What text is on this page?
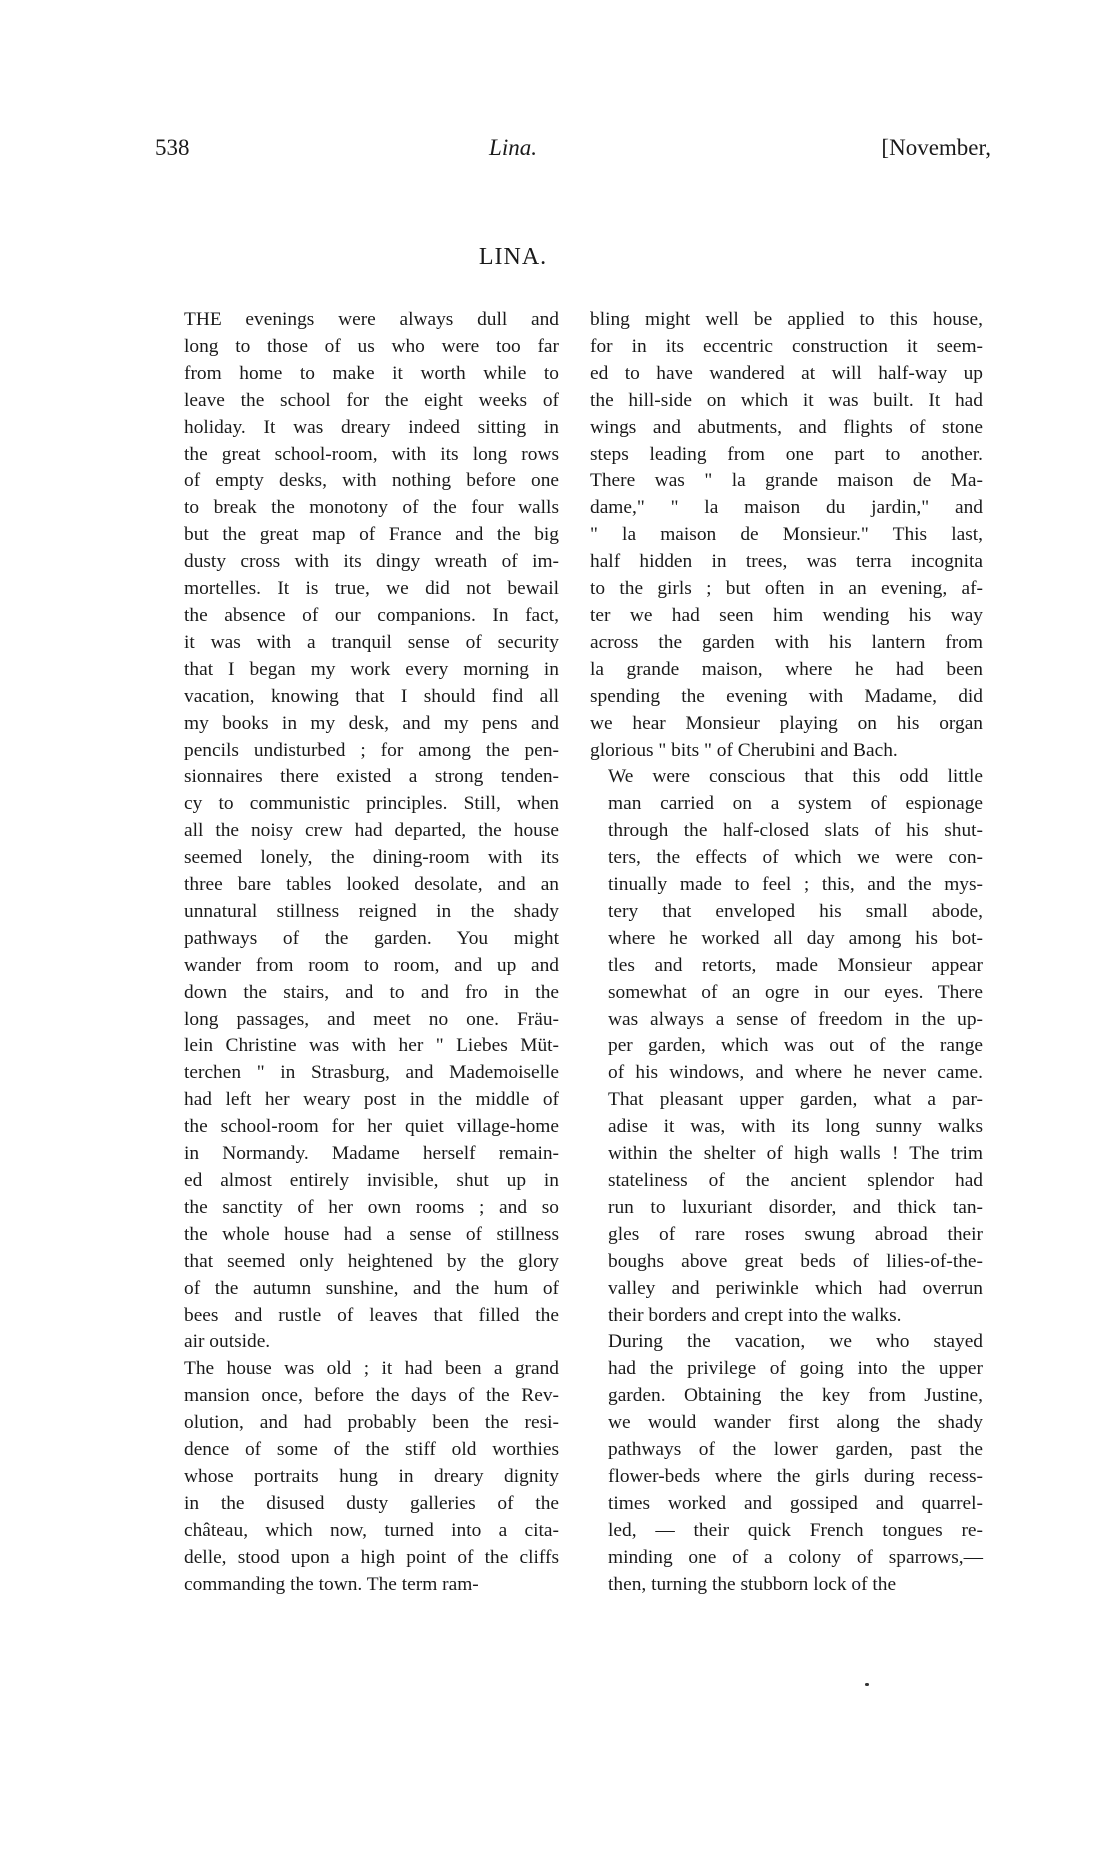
538	Lina.	[November,
LINA.

THE evenings were always dull and
long to those of us who were too far
from home to make it worth while to
leave the school for the eight weeks of
holiday. It was dreary indeed sitting in
the great school-room, with its long rows
of empty desks, with nothing before one
to break the monotony of the four walls
but the great map of France and the big
dusty cross with its dingy wreath of im-
mortelles. It is true, we did not bewail
the absence of our companions. In fact,
it was with a tranquil sense of security
that I began my work every morning in
vacation, knowing that I should find all
my books in my desk, and my pens and
pencils undisturbed ; for among the pen-
sionnaires there existed a strong tenden-
cy to communistic principles. Still, when
all the noisy crew had departed, the house
seemed lonely, the dining-room with its
three bare tables looked desolate, and an
unnatural stillness reigned in the shady
pathways of the garden. You might
wander from room to room, and up and
down the stairs, and to and fro in the
long passages, and meet no one. Fräu-
lein Christine was with her " Liebes Müt-
terchen " in Strasburg, and Mademoiselle
had left her weary post in the middle of
the school-room for her quiet village-home
in Normandy. Madame herself remain-
ed almost entirely invisible, shut up in
the sanctity of her own rooms ; and so
the whole house had a sense of stillness
that seemed only heightened by the glory
of the autumn sunshine, and the hum of
bees and rustle of leaves that filled the
air outside.

The house was old ; it had been a grand
mansion once, before the days of the Rev-
olution, and had probably been the resi-
dence of some of the stiff old worthies
whose portraits hung in dreary dignity
in the disused dusty galleries of the
château, which now, turned into a cita-
delle, stood upon a high point of the cliffs
commanding the town. The term ram-

bling might well be applied to this house,
for in its eccentric construction it seem-
ed to have wandered at will half-way up
the hill-side on which it was built. It had
wings and abutments, and flights of stone
steps leading from one part to another.
There was " la grande maison de Ma-
dame," " la maison du jardin," and
" la maison de Monsieur." This last,
half hidden in trees, was terra incognita
to the girls ; but often in an evening, af-
ter we had seen him wending his way
across the garden with his lantern from
la grande maison, where he had been
spending the evening with Madame, did
we hear Monsieur playing on his organ
glorious " bits " of Cherubini and Bach.

We were conscious that this odd little
man carried on a system of espionage
through the half-closed slats of his shut-
ters, the effects of which we were con-
tinually made to feel ; this, and the mys-
tery that enveloped his small abode,
where he worked all day among his bot-
tles and retorts, made Monsieur appear
somewhat of an ogre in our eyes. There
was always a sense of freedom in the up-
per garden, which was out of the range
of his windows, and where he never came.
That pleasant upper garden, what a par-
adise it was, with its long sunny walks
within the shelter of high walls ! The trim
stateliness of the ancient splendor had
run to luxuriant disorder, and thick tan-
gles of rare roses swung abroad their
boughs above great beds of lilies-of-the-
valley and periwinkle which had overrun
their borders and crept into the walks.

During the vacation, we who stayed
had the privilege of going into the upper
garden. Obtaining the key from Justine,
we would wander first along the shady
pathways of the lower garden, past the
flower-beds where the girls during recess-
times worked and gossiped and quarrel-
led, — their quick French tongues re-
minding one of a colony of sparrows,—
then, turning the stubborn lock of the
